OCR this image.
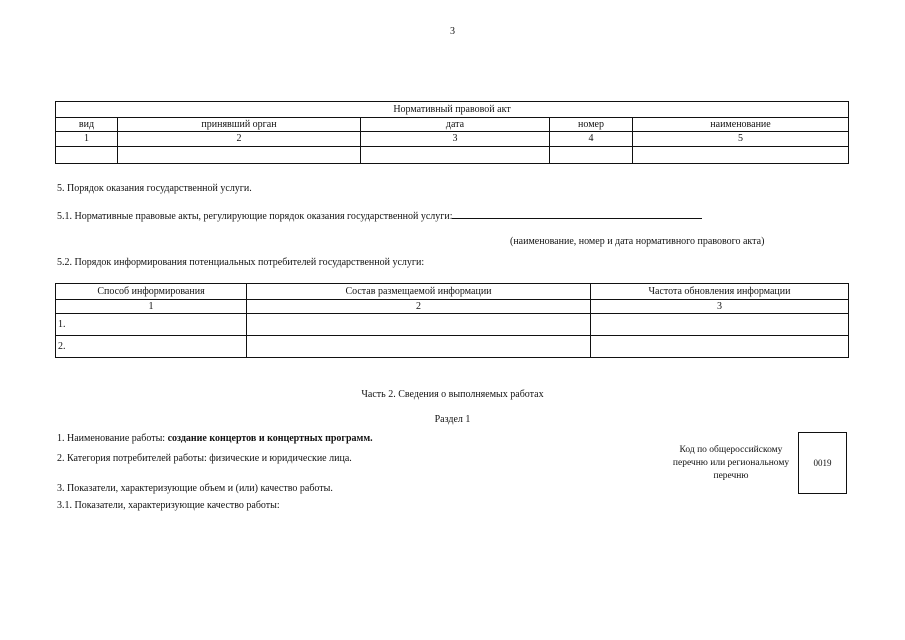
3
Нормативный правовой акт				
вид	принявший орган	дата	номер	наименование
1	2	3	4	5

5. Порядок оказания государственной услуги.
5.1. Нормативные правовые акты, регулирующие порядок оказания государственной услуги:
(наименование, номер и дата нормативного правового акта)
5.2. Порядок информирования потенциальных потребителей государственной услуги:
Способ информирования	Состав размещаемой информации	Частота обновления информации
1	2	3
1.		
2.		
Часть 2. Сведения о выполняемых работах
Раздел 1
1. Наименование работы: создание концертов и концертных программ.
2. Категория потребителей работы: физические и юридические лица.
3. Показатели, характеризующие объем и (или) качество работы.
3.1. Показатели, характеризующие качество работы:
Код по общероссийскому перечню или региональному перечню
0019
